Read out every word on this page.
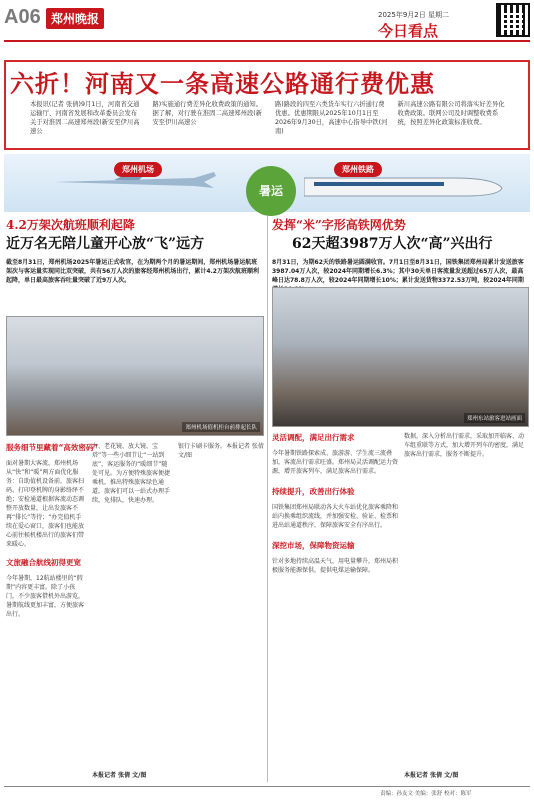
A06 郑州晚报	2025年9月2日 星期二
今日看点
六折！河南又一条高速公路通行费优惠
本报讯(记者 张倩)9月1日，河南省交通运输厅、河南省发展和改革委员会发布关于对淮固二高速郑州段(新安至伊川高速公
路)实施通行费差异化收费政策的通知。据了解，对行驶在淮固二高速郑州段(新安至伊川高速公
路)路段的四至六类货车实行六折通行费优惠。优惠期限从2025年10月1日至2026年9月30日，高速中心指导中铁(河南)
新川高速公路有限公司将落实好差异化收费政策。联网公司及时调整收费系统，按照差异化政策标准收费。
郑州机场
暑运
郑州铁路
4.2万架次航班顺利起降
近万名无陪儿童开心放“飞”远方
截至8月31日，郑州机场2025年暑运正式收官，在为期两个月的暑运期间，郑州机场暑运航班架次与客运量实现同比双突破，共有56万人次的旅客经郑州机场出行，累计4.2万架次航班顺利起降，单日最高旅客吞吐量突破了近9万人次。
郑州机场值机柜台前排起长队
服务细节里藏着“高效密码”
面对暑期大客流，郑州机场从“快”和“暖”两方面优化服务：自助值机设备前，旅客扫码、打印登机牌的身影络绎不绝；安检通道根据客流动态调整开放数量，让出发旅客不再“排长”等待；“办完值机手续在爱心窗口，旅客们也能放心前往候机楼出行的旅客们带来暖心。
文旅融合航线初得更宽
今年暑期，12航站楼里的“假期”内容更丰富。除了小孩门，不少旅客借机外出游览，暑期航线更加丰富，方便旅客出行。
台、老花镜、放大镜、宝塔”等一些小细节让“一站到底”，客运服务的“暖细节”随处可见。为方便特殊旅客便捷乘机，推出特殊旅客绿色通道，旅客们可以一站式办理手续，免排队，快速办理。
银行卡刷卡服务。本报记者 张倩 文/图
本报记者 张倩 文/图
发挥“米”字形高铁网优势
62天超3987万人次“高”兴出行
8月31日，为期62天的铁路暑运圆满收官。7月1日至8月31日，国铁集团郑州局累计发送旅客3987.04万人次，较2024年同期增长6.3%；其中30天单日客流量发送超过65万人次，最高峰日达78.8万人次，较2024年同期增长10%；累计发送货物3372.53万吨，较2024年同期
郑州东站旅客进站画面
灵活调配，满足出行需求
今年暑期铁路探索成、旅游游、学生流三流叠加，客流出行需求旺盛。郑州局灵活调配运力资源，增开旅客列车，满足旅客出行需求。
持续提升，改善出行体验
国铁集团郑州局联动各大火车站优化旅客乘降和站内换乘组织流线，并加强安检、验证、检票和进出站通道秩序，保障旅客安全有序出行。
深挖市场，保障物资运输
针对多地持续高温天气，用电量攀升，郑州局积极服务能源保供，提供电煤运输保障。
数据，深入分析出行需求，采取加开临客、动车组重联等方式，加大增开列车的密度，满足旅客出行需求，服务不断提升。
本报记者 张倩 文/图
责编：孙友文 美编：张舒 校对：陈军
